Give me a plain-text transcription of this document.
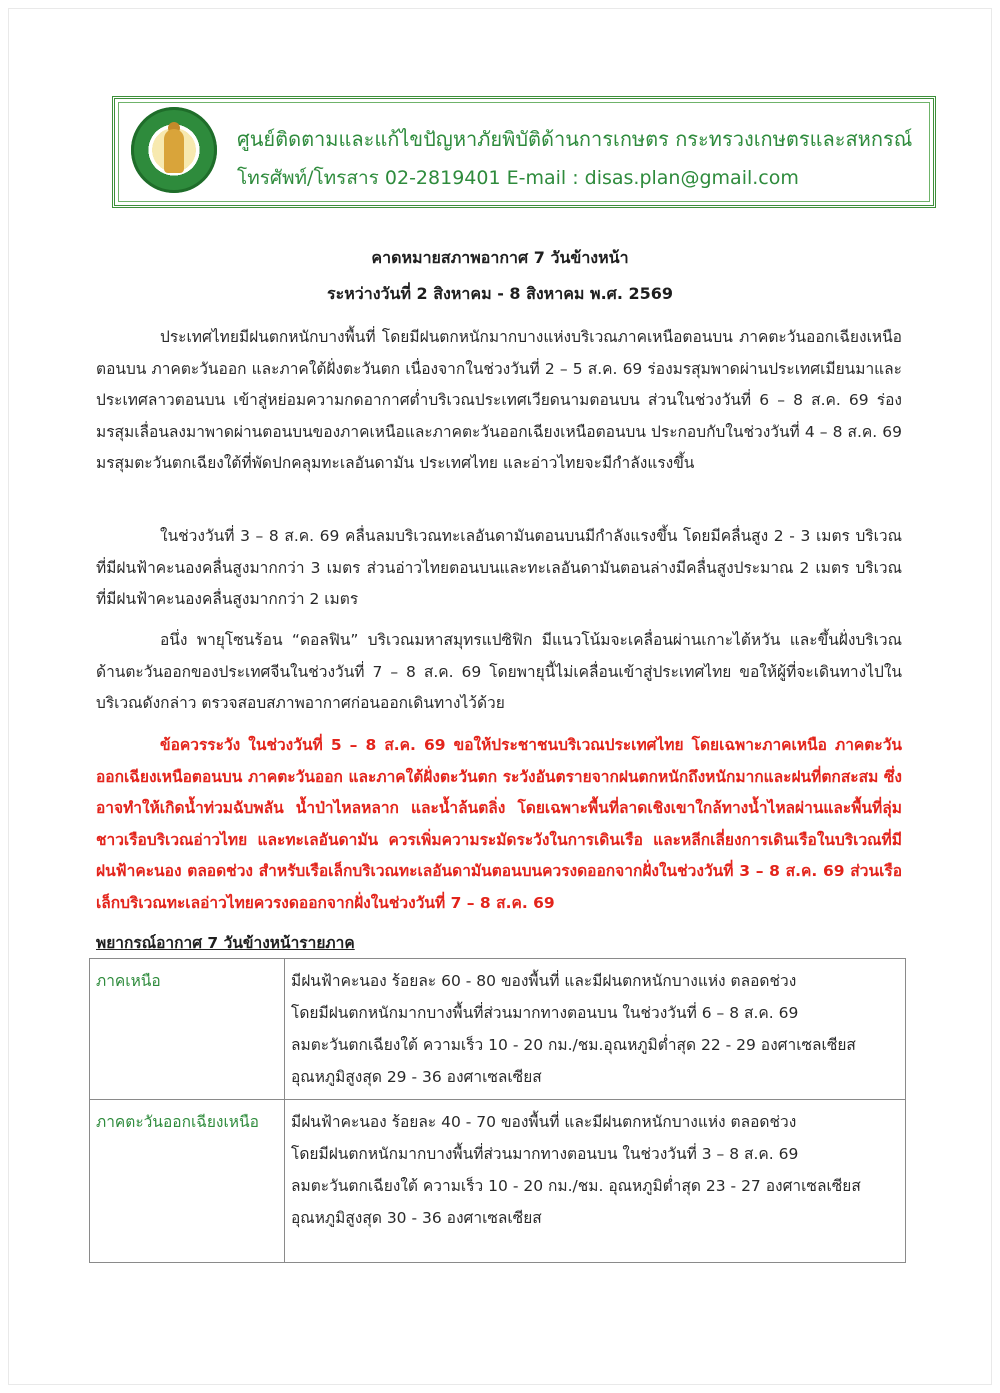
ศูนย์ติดตามและแก้ไขปัญหาภัยพิบัติด้านการเกษตร กระทรวงเกษตรและสหกรณ์
โทรศัพท์/โทรสาร 02-2819401 E-mail : disas.plan@gmail.com
คาดหมายสภาพอากาศ 7 วันข้างหน้า
ระหว่างวันที่ 2 สิงหาคม - 8 สิงหาคม พ.ศ. 2569
ประเทศไทยมีฝนตกหนักบางพื้นที่ โดยมีฝนตกหนักมากบางแห่งบริเวณภาคเหนือตอนบน ภาคตะวันออกเฉียงเหนือตอนบน ภาคตะวันออก และภาคใต้ฝั่งตะวันตก เนื่องจากในช่วงวันที่ 2 – 5 ส.ค. 69 ร่องมรสุมพาดผ่านประเทศเมียนมาและประเทศลาวตอนบน เข้าสู่หย่อมความกดอากาศต่ำบริเวณประเทศเวียดนามตอนบน ส่วนในช่วงวันที่ 6 – 8 ส.ค. 69 ร่องมรสุมเลื่อนลงมาพาดผ่านตอนบนของภาคเหนือและภาคตะวันออกเฉียงเหนือตอนบน ประกอบกับในช่วงวันที่ 4 – 8 ส.ค. 69 มรสุมตะวันตกเฉียงใต้ที่พัดปกคลุมทะเลอันดามัน ประเทศไทย และอ่าวไทยจะมีกำลังแรงขึ้น
ในช่วงวันที่ 3 – 8 ส.ค. 69 คลื่นลมบริเวณทะเลอันดามันตอนบนมีกำลังแรงขึ้น โดยมีคลื่นสูง 2 - 3 เมตร บริเวณที่มีฝนฟ้าคะนองคลื่นสูงมากกว่า 3 เมตร ส่วนอ่าวไทยตอนบนและทะเลอันดามันตอนล่างมีคลื่นสูงประมาณ 2 เมตร บริเวณที่มีฝนฟ้าคะนองคลื่นสูงมากกว่า 2 เมตร
อนึ่ง พายุโซนร้อน “ดอลฟิน” บริเวณมหาสมุทรแปซิฟิก มีแนวโน้มจะเคลื่อนผ่านเกาะไต้หวัน และขึ้นฝั่งบริเวณด้านตะวันออกของประเทศจีนในช่วงวันที่ 7 – 8 ส.ค. 69 โดยพายุนี้ไม่เคลื่อนเข้าสู่ประเทศไทย ขอให้ผู้ที่จะเดินทางไปในบริเวณดังกล่าว ตรวจสอบสภาพอากาศก่อนออกเดินทางไว้ด้วย
ข้อควรระวัง ในช่วงวันที่ 5 – 8 ส.ค. 69 ขอให้ประชาชนบริเวณประเทศไทย โดยเฉพาะภาคเหนือ ภาคตะวันออกเฉียงเหนือตอนบน ภาคตะวันออก และภาคใต้ฝั่งตะวันตก ระวังอันตรายจากฝนตกหนักถึงหนักมากและฝนที่ตกสะสม ซึ่งอาจทำให้เกิดน้ำท่วมฉับพลัน น้ำป่าไหลหลาก และน้ำล้นตลิ่ง โดยเฉพาะพื้นที่ลาดเชิงเขาใกล้ทางน้ำไหลผ่านและพื้นที่ลุ่ม ชาวเรือบริเวณอ่าวไทย และทะเลอันดามัน ควรเพิ่มความระมัดระวังในการเดินเรือ และหลีกเลี่ยงการเดินเรือในบริเวณที่มีฝนฟ้าคะนอง ตลอดช่วง สำหรับเรือเล็กบริเวณทะเลอันดามันตอนบนควรงดออกจากฝั่งในช่วงวันที่ 3 – 8 ส.ค. 69 ส่วนเรือเล็กบริเวณทะเลอ่าวไทยควรงดออกจากฝั่งในช่วงวันที่ 7 – 8 ส.ค. 69
พยากรณ์อากาศ 7 วันข้างหน้ารายภาค
ภาคเหนือ	มีฝนฟ้าคะนอง ร้อยละ 60 - 80 ของพื้นที่ และมีฝนตกหนักบางแห่ง ตลอดช่วง
โดยมีฝนตกหนักมากบางพื้นที่ส่วนมากทางตอนบน ในช่วงวันที่ 6 – 8 ส.ค. 69
ลมตะวันตกเฉียงใต้ ความเร็ว 10 - 20 กม./ชม.อุณหภูมิต่ำสุด 22 - 29 องศาเซลเซียส
อุณหภูมิสูงสุด 29 - 36 องศาเซลเซียส

ภาคตะวันออกเฉียงเหนือ	มีฝนฟ้าคะนอง ร้อยละ 40 - 70 ของพื้นที่ และมีฝนตกหนักบางแห่ง ตลอดช่วง
โดยมีฝนตกหนักมากบางพื้นที่ส่วนมากทางตอนบน ในช่วงวันที่ 3 – 8 ส.ค. 69
ลมตะวันตกเฉียงใต้ ความเร็ว 10 - 20 กม./ชม. อุณหภูมิต่ำสุด 23 - 27 องศาเซลเซียส
อุณหภูมิสูงสุด 30 - 36 องศาเซลเซียส
